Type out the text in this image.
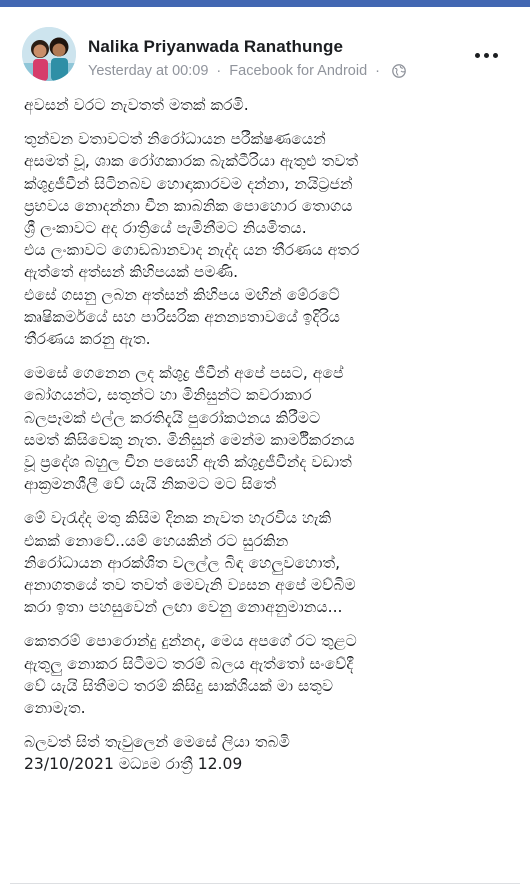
Nalika Priyanwada Ranathunge
Yesterday at 00:09 · Facebook for Android ·

අවසන් වරට නැවතත් මතක් කරමි.

තුන්වන වතාවටත් නිරෝධායන පරීක්ෂණයෙන්
අසමත් වූ, ශාක රෝගකාරක බැක්ටීරියා ඇතුළු තවත්
ක්ශුද්‍රජීවීන් සිටිනබව හොඳාකාරවම දන්නා, නයිට්‍රජන්
ප්‍රභවය නොදන්නා චීන කාබනික පොහොර තොගය
ශ්‍රී ලංකාවට අද රාත්‍රියේ පැමිනීමට නියමිතය.
එය ලංකාවට ගොඩබානවාද නැද්ද යන තීරණය අතර
ඇත්තේ අත්සන් කිහිපයක් පමණි.
එසේ ගසනු ලබන අත්සන් කිහිපය මඟින් මේරටේ
කෘෂිකර්මයේ සහ පාරිසරික අනන්‍යතාවයේ ඉදිරිය
තීරණය කරනු ඇත.

මෙසේ ගෙනෙන ලද ක්ශුද්‍ර ජීවීන් අපේ පසට, අපේ
බෝගයන්ට, සතුන්ට හා මිනිසුන්ට කවරාකාර
බලපෑමක් එල්ල කරතිදැයි පුරෝකථනය කිරීමට
සමත් කිසිවෙකු නැත. මිනිසුන් මෙන්ම කාර්මීකරනය
වූ ප්‍රදේශ බහුල චීන පසෙහි ඇති ක්ශුද්‍රජීවීන්ද වඩාත්
ආක්‍රමනශීලී වේ යැයි නිකමට මට සිතේ

මේ වැරැද්ද මතු කිසිම දිනක නැවත හැරවිය හැකි
එකක් නොවේ..යම් හෙයකින් රට සුරකින
නිරෝධායන ආරක්ශිත වලල්ල බිඳ හෙලුවහොත්,
අනාගතයේ තව තවත් මෙවැනි ව්‍යසන අපේ මව්බිම
කරා ඉතා පහසුවෙන් ලඟා වෙනු නොඅනුමානය...

කෙතරම් පොරොන්දු දුන්නද, මෙය අපගේ රට තුළට
ඇතුලු නොකර සිටීමට තරම් බලය ඇත්තෝ සංවේදී
වේ යැයි සිතීමට තරම් කිසිදු සාක්ශියක් මා සතුව
නොමැත.

බලවත් සිත් තැවුලෙන් මෙසේ ලියා තබමි
23/10/2021 මධ්‍යම රාත්‍රී 12.09
